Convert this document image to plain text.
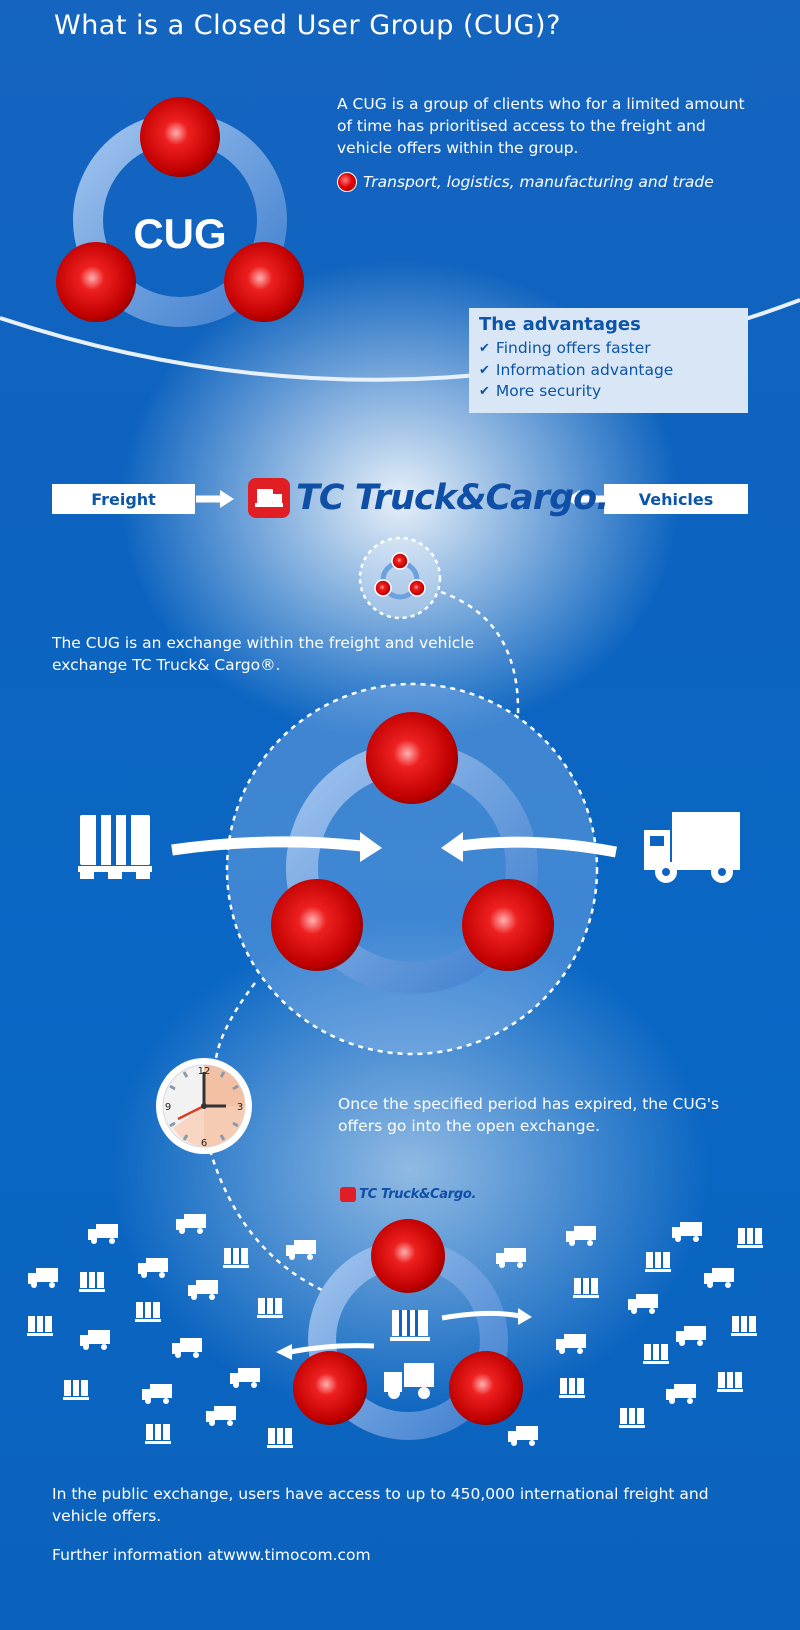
12
3
6
9
CUG
What is a Closed User Group (CUG)?
A CUG is a group of clients who for a limited amount of time has prioritised access to the freight and vehicle offers within the group.
Transport, logistics, manufacturing and trade
The advantages
✔ Finding offers faster
✔ Information advantage
✔ More security
Freight	Vehicles
TC Truck&Cargo.
The CUG is an exchange within the freight and vehicle exchange TC Truck& Cargo®.
Once the specified period has expired, the CUG's offers go into the open exchange.
TC Truck&Cargo.
In the public exchange, users have access to up to 450,000 international freight and vehicle offers.
Further information atwww.timocom.com
